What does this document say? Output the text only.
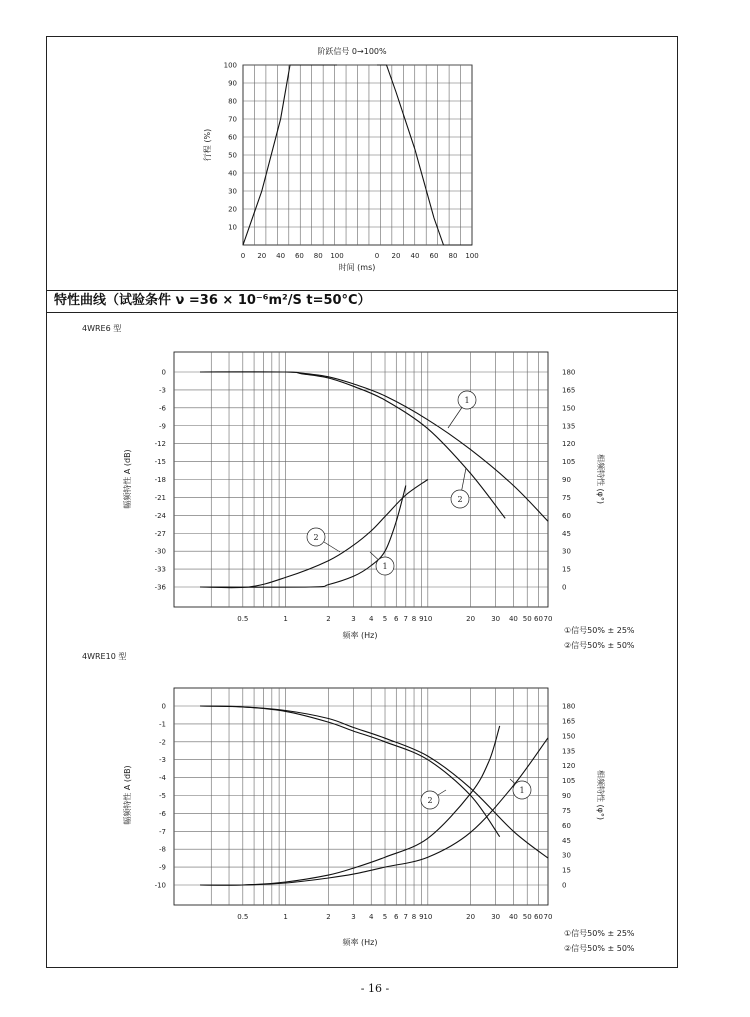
特性曲线（试验条件 ν =36 × 10⁻⁶m²/S t=50°C）
- 16 -
阶跃信号 0→100%
行程 (%)
时间 (ms)
4WRE6 型
幅频特性 A (dB)	相频特性 (φ°)
频率 (Hz)
①信号50% ± 25%
②信号50% ± 50%
4WRE10 型
幅频特性 A (dB)	相频特性 (φ°)
频率 (Hz)
①信号50% ± 25%
②信号50% ± 50%
10
20
30
40
50
60
70
80
90
100
0 20 40 60 80 100	0 20 40 60 80 100
0
-3
-6
-9
-12
-15
-18
-21
-24
-27
-30
-33
-36
180
165
150
135
120
105
90
75
60
45
30
15
0
0.5	1	2	3 4 5 6 7 8 9 10	20 30 40 50 60 70
1
1
2
2
0
-1
-2
-3
-4
-5
-6
-7
-8
-9
-10
180
165
150
135
120
105
90
75
60
45
30
15
0
0.5	1	2	3 4 5 6 7 8 9 10	20 30 40 50 60 70
1
2
